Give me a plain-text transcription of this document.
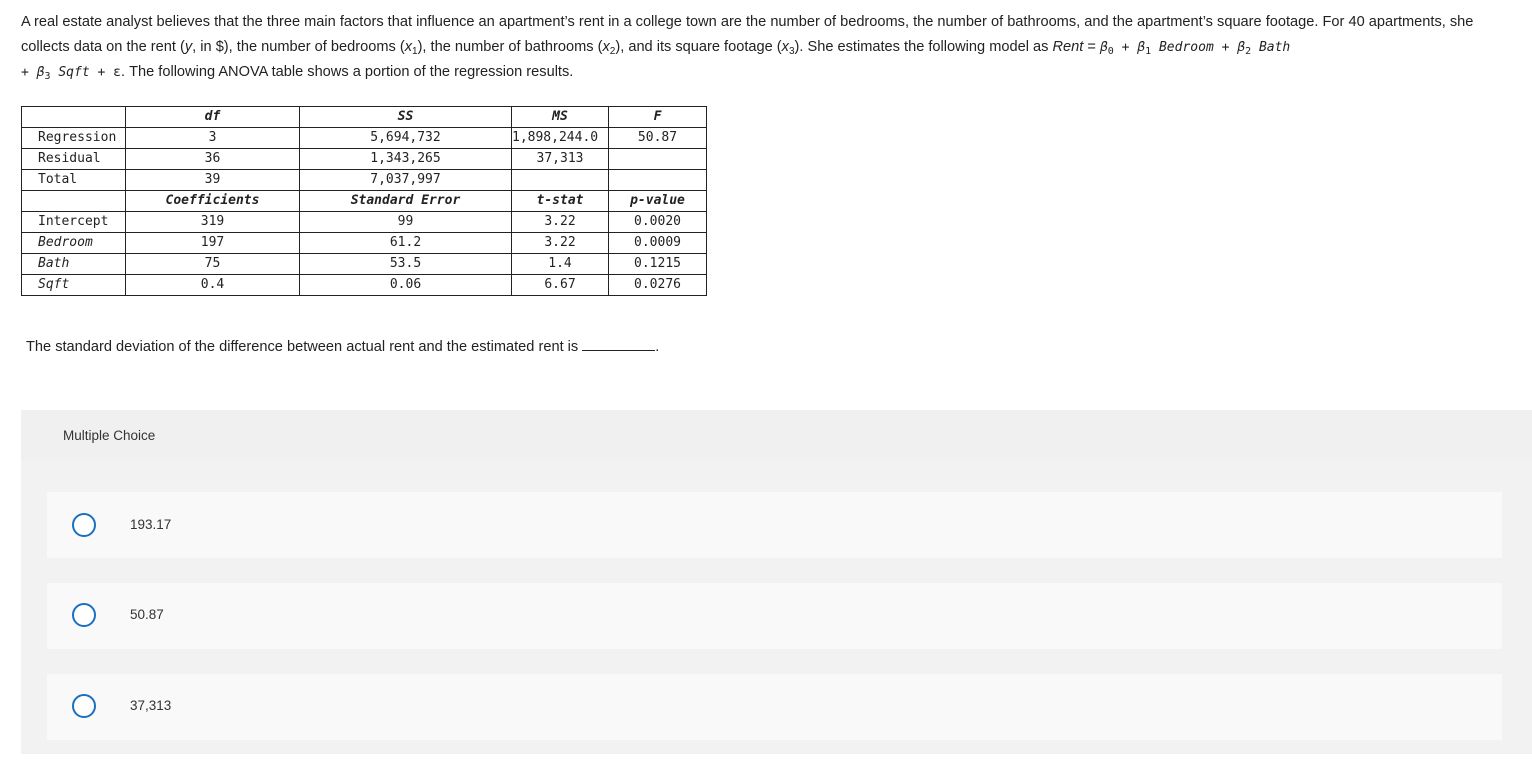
A real estate analyst believes that the three main factors that influence an apartment’s rent in a college town are the number of bedrooms, the number of bathrooms, and the apartment’s square footage. For 40 apartments, she collects data on the rent (y, in $), the number of bedrooms $(x_1)$, the number of bathrooms $(x_2)$, and its square footage $(x_3)$. She estimates the following model as Rent = $\beta_0 + \beta_1$ Bedroom + $\beta_2$ Bath
+ $\beta_3$ Sqft + ε. The following ANOVA table shows a portion of the regression results.
	df	SS	MS	F
Regression	3	5,694,732	1,898,244.0	50.87
Residual	36	1,343,265	37,313	
Total	39	7,037,997		
	Coefficients	Standard Error	t-stat	p-value
Intercept	319	99	3.22	0.0020
Bedroom	197	61.2	3.22	0.0009
Bath	75	53.5	1.4	0.1215
Sqft	0.4	0.06	6.67	0.0276
The standard deviation of the difference between actual rent and the estimated rent is	.
Multiple Choice
193.17
50.87
37,313
